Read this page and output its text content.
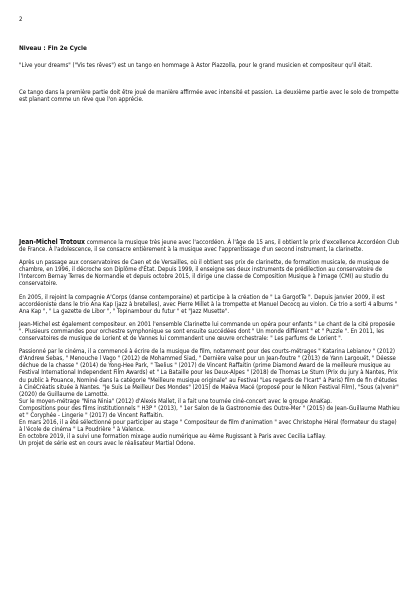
2
Niveau : Fin 2e Cycle
"Live your dreams" ("Vis tes rêves") est un tango en hommage à Astor Piazzolla, pour le grand musicien et compositeur qu'il était.
Ce tango dans la première partie doit être joué de manière affirmée avec intensité et passion. La deuxième partie avec le solo de trompette est planant comme un rêve que l'on apprécie.

Jean-Michel Trotoux commence la musique très jeune avec l'accordéon. À l'âge de 15 ans, il obtient le prix d'excellence Accordéon Club de France. À l'adolescence, il se consacre entièrement à la musique avec l'apprentissage d'un second instrument, la clarinette.

Après un passage aux conservatoires de Caen et de Versailles, où il obtient ses prix de clarinette, de formation musicale, de musique de chambre, en 1996, il décroche son Diplôme d'État. Depuis 1999, il enseigne ses deux instruments de prédilection au conservatoire de l'Intercom Bernay Terres de Normandie et depuis octobre 2015, il dirige une classe de Composition Musique à l'image (CMI) au studio du conservatoire.

En 2005, il rejoint la compagnie A'Corps (danse contemporaine) et participe à la création de " La GargotTe ". Depuis janvier 2009, il est accordéoniste dans le trio Ana Kap (jazz à bretelles), avec Pierre Millet à la trompette et Manuel Decocq au violon. Ce trio a sorti 4 albums " Ana Kap ", " La gazette de Libor ", " Topinambour du futur " et "Jazz Musette".

Jean-Michel est également compositeur. en 2001 l'ensemble Clarinette lui commande un opéra pour enfants " Le chant de la cité proposée ". Plusieurs commandes pour orchestre symphonique se sont ensuite succédées dont " Un monde différent " et " Puzzle ". En 2011, les conservatoires de musique de Lorient et de Vannes lui commandent une œuvre orchestrale: " Les parfums de Lorient ".

Passionné par le cinéma, il a commencé à écrire de la musique de film, notamment pour des courts-métrages " Katarina Lebianov " (2012) d'Andrew Sebas, " Menouche l Vago " (2012) de Mohammed Siad, " Dernière valse pour un Jean-foutre " (2013) de Yann Largouët, " Déesse déchue de la chasse " (2014) de Yong-Hee Park, " Taelius " (2017) de Vincent Raffaitin (prime Diamond Award de la meilleure musique au Festival International Independent Film Awards) et " La Bataille pour les Deux-Alpes " (2018) de Thomas Le Stum (Prix du jury à Nantes, Prix du public à Pouance, Nominé dans la catégorie "Meilleure musique originale" au Festival "Les regards de l'Icart" à Paris) film de fin d'études à CinéCréatis située à Nantes. "Je Suis Le Meilleur Des Mondes" (2015) de Maëva Macé (proposé pour le Nikon Festival Film), "Sous (a)venir" (2020) de Guillaume de Lamotte.

Sur le moyen-métrage "Nina Ninia" (2012) d'Alexis Mallet, il a fait une tournée ciné-concert avec le groupe AnaKap.

Compositions pour des films institutionnels " H3P " (2013), " 1er Salon de la Gastronomie des Outre-Mer " (2015) de Jean-Guillaume Mathieu et " Coryphée - Lingerie " (2017) de Vincent Raffaitin.

En mars 2016, il a été sélectionné pour participer au stage " Compositeur de film d'animation " avec Christophe Héral (formateur du stage) à l'école de cinéma " La Poudrière " à Valence.

En octobre 2019, il a suivi une formation mixage audio numérique au 4ème Rugissant à Paris avec Cecilia Lafilay.

Un projet de série est en cours avec le réalisateur Martial Odone.
